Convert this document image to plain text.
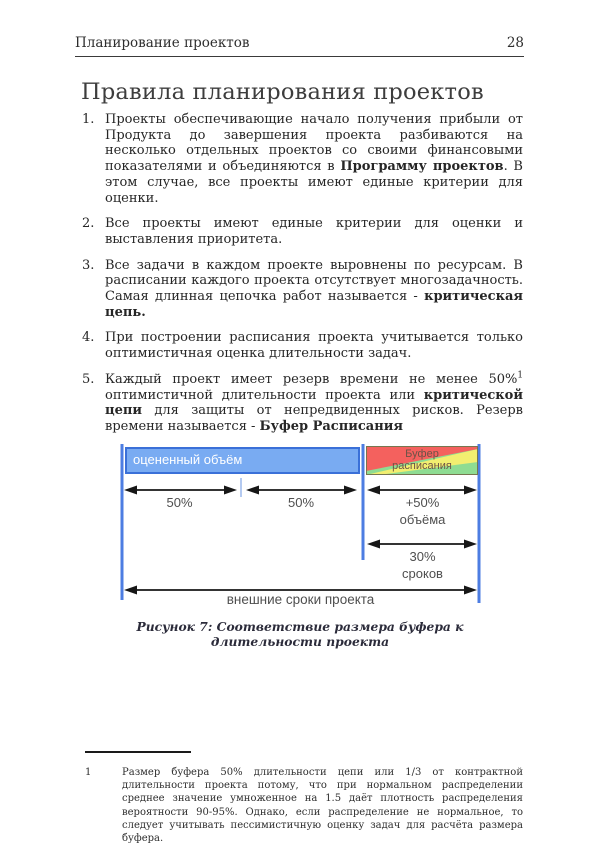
Планирование проектов	28
Правила планирования проектов
1. Проекты обеспечивающие начало получения прибыли от Продукта до завершения проекта разбиваются на несколько отдельных проектов со своими финансовыми показателями и объединяются в Программу проектов. В этом случае, все проекты имеют единые критерии для оценки.
2. Все проекты имеют единые критерии для оценки и выставления приоритета.
3. Все задачи в каждом проекте выровнены по ресурсам. В расписании каждого проекта отсутствует многозадачность. Самая длинная цепочка работ называется - критическая цепь.
4. При построении расписания проекта учитывается только оптимистичная оценка длительности задач.
5. Каждый проект имеет резерв времени не менее 50%$^1$ оптимистичной длительности проекта или критической цепи для защиты от непредвиденных рисков. Резерв времени называется - Буфер Расписания
оцененный объём	Буфер
расписания
50%	50%	+50%
объёма
30%
сроков
внешние сроки проекта
Рисунок 7: Соответствие размера буфера к длительности проекта
1	Размер буфера 50% длительности цепи или 1/3 от контрактной длительности проекта потому, что при нормальном распределении среднее значение умноженное на 1.5 даёт плотность распределения вероятности 90-95%. Однако, если распределение не нормальное, то следует учитывать пессимистичную оценку задач для расчёта размера буфера.
